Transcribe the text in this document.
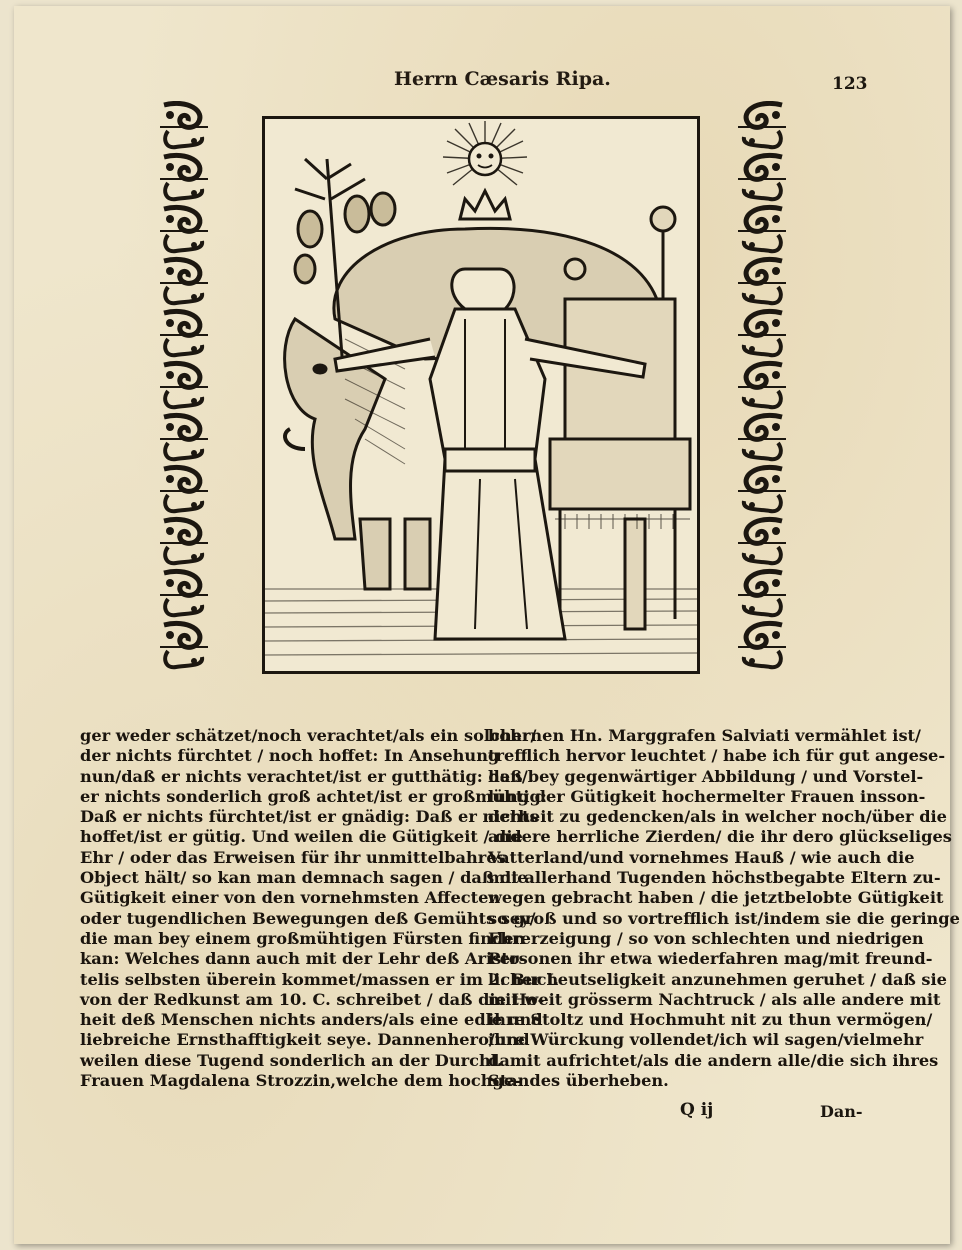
Herrn Cæsaris Ripa.	123
ger weder schätzet/noch verachtet/als ein solcher/
der nichts fürchtet / noch hoffet: In Ansehung
nun/daß er nichts verachtet/ist er gutthätig: daß
er nichts sonderlich groß achtet/ist er großmühtig:
Daß er nichts fürchtet/ist er gnädig: Daß er nichts
hoffet/ist er gütig. Und weilen die Gütigkeit / die
Ehr / oder das Erweisen für ihr unmittelbahres
Object hält/ so kan man demnach sagen / daß die
Gütigkeit einer von den vornehmsten Affecten
oder tugendlichen Bewegungen deß Gemühts sey/
die man bey einem großmühtigen Fürsten finden
kan: Welches dann auch mit der Lehr deß Aristo-
telis selbsten überein kommet/massen er im 2. Buch
von der Redkunst am 10. C. schreibet / daß die Ho-
heit deß Menschen nichts anders/als eine edle und
liebreiche Ernsthafftigkeit seye. Dannenhero/und
weilen diese Tugend sonderlich an der Durchl.
Frauen Magdalena Strozzin,welche dem hochge-
bohrnen Hn. Marggrafen Salviati vermählet ist/
trefflich hervor leuchtet / habe ich für gut angese-
hen/bey gegenwärtiger Abbildung / und Vorstel-
lung der Gütigkeit hochermelter Frauen insson-
derheit zu gedencken/als in welcher noch/über die
andere herrliche Zierden/ die ihr dero glückseliges
Vatterland/und vornehmes Hauß / wie auch die
mit allerhand Tugenden höchstbegabte Eltern zu-
wegen gebracht haben / die jetztbelobte Gütigkeit
so groß und so vortrefflich ist/indem sie die geringe
Ehrerzeigung / so von schlechten und niedrigen
Personen ihr etwa wiederfahren mag/mit freund-
licher Leutseligkeit anzunehmen geruhet / daß sie
mit weit grösserm Nachtruck / als alle andere mit
ihre Stoltz und Hochmuht nit zu thun vermögen/
ihre Würckung vollendet/ich wil sagen/vielmehr
damit aufrichtet/als die andern alle/die sich ihres
Standes überheben.
Q ij	Dan-
